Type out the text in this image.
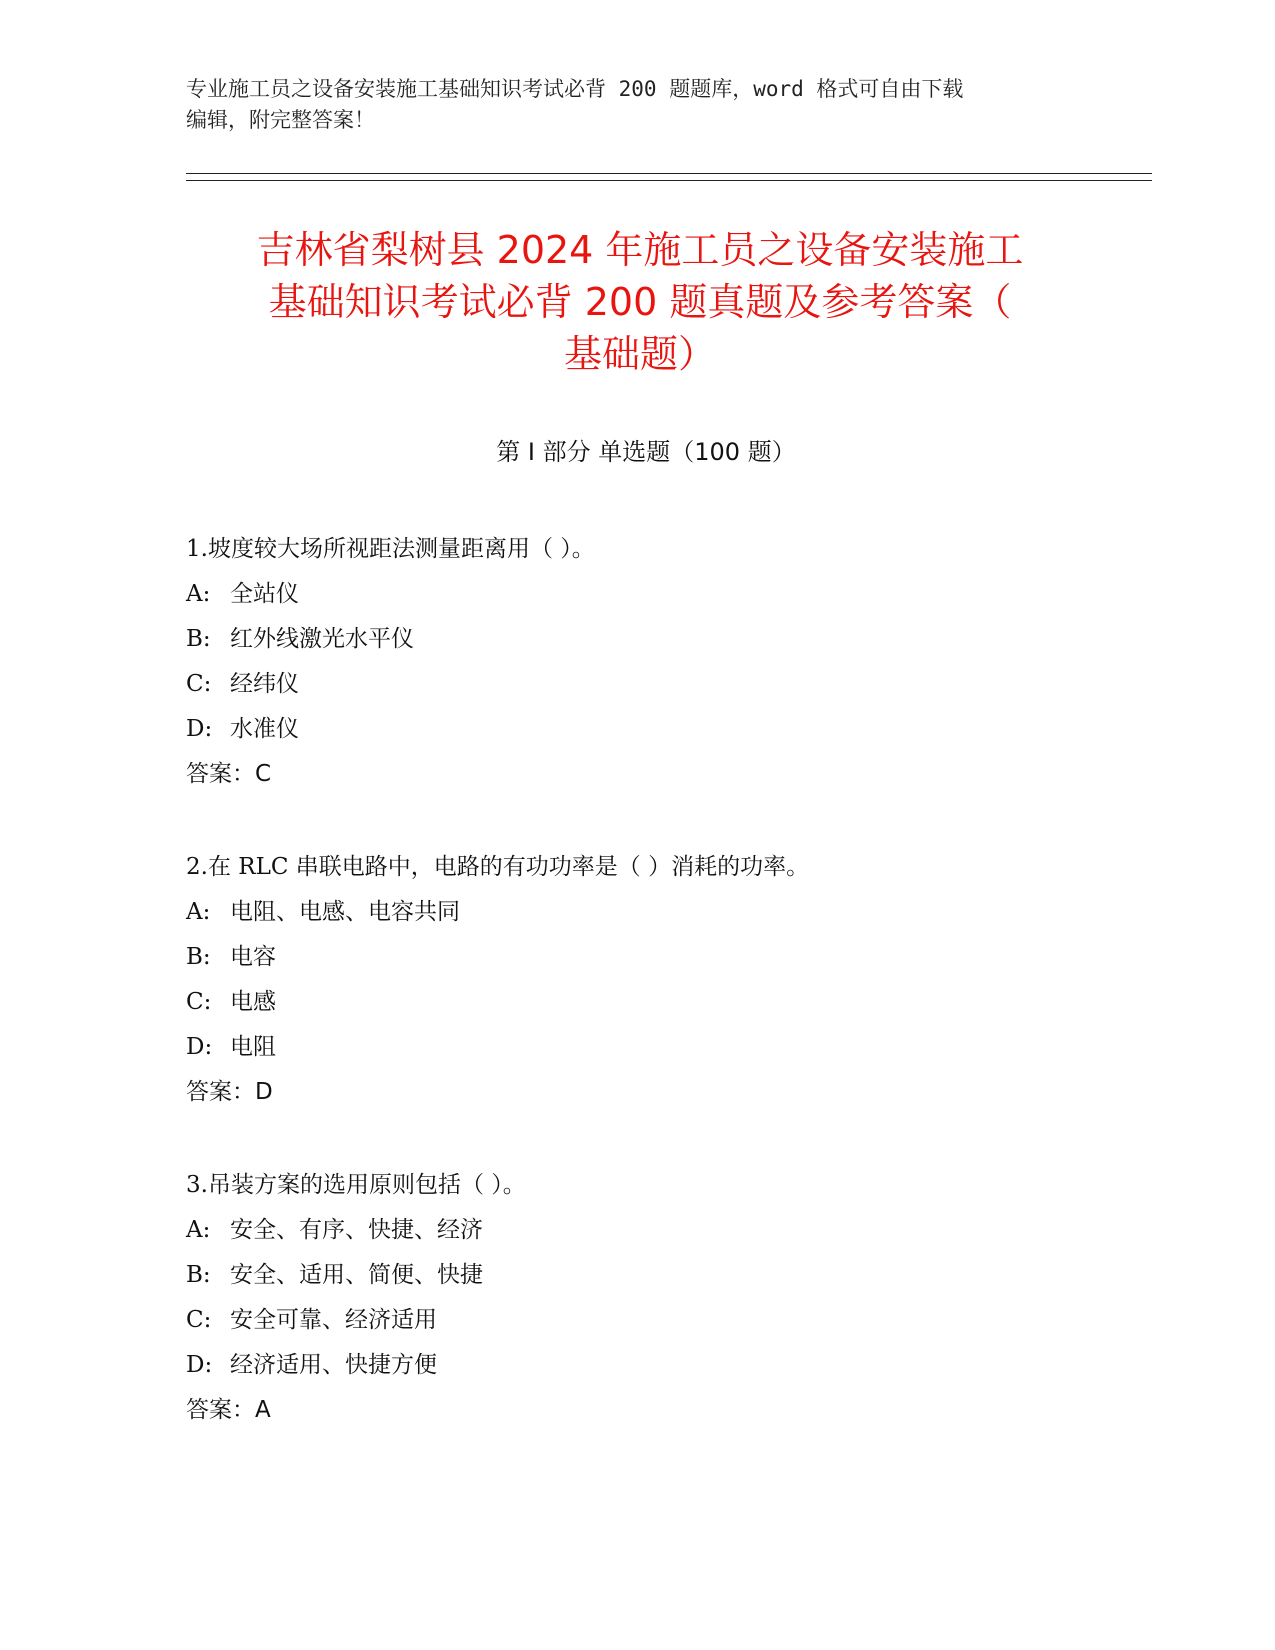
专业施工员之设备安装施工基础知识考试必背 200 题题库，word 格式可自由下载
编辑，附完整答案！
吉林省梨树县 2024 年施工员之设备安装施工
基础知识考试必背 200 题真题及参考答案（
基础题）
第 I 部分 单选题（100 题）
1.坡度较大场所视距法测量距离用（ ）。
A: 全站仪
B: 红外线激光水平仪
C: 经纬仪
D: 水准仪
答案：C
2.在 RLC 串联电路中，电路的有功功率是（ ）消耗的功率。
A: 电阻、电感、电容共同
B: 电容
C: 电感
D: 电阻
答案：D
3.吊装方案的选用原则包括（ ）。
A: 安全、有序、快捷、经济
B: 安全、适用、简便、快捷
C: 安全可靠、经济适用
D: 经济适用、快捷方便
答案：A
